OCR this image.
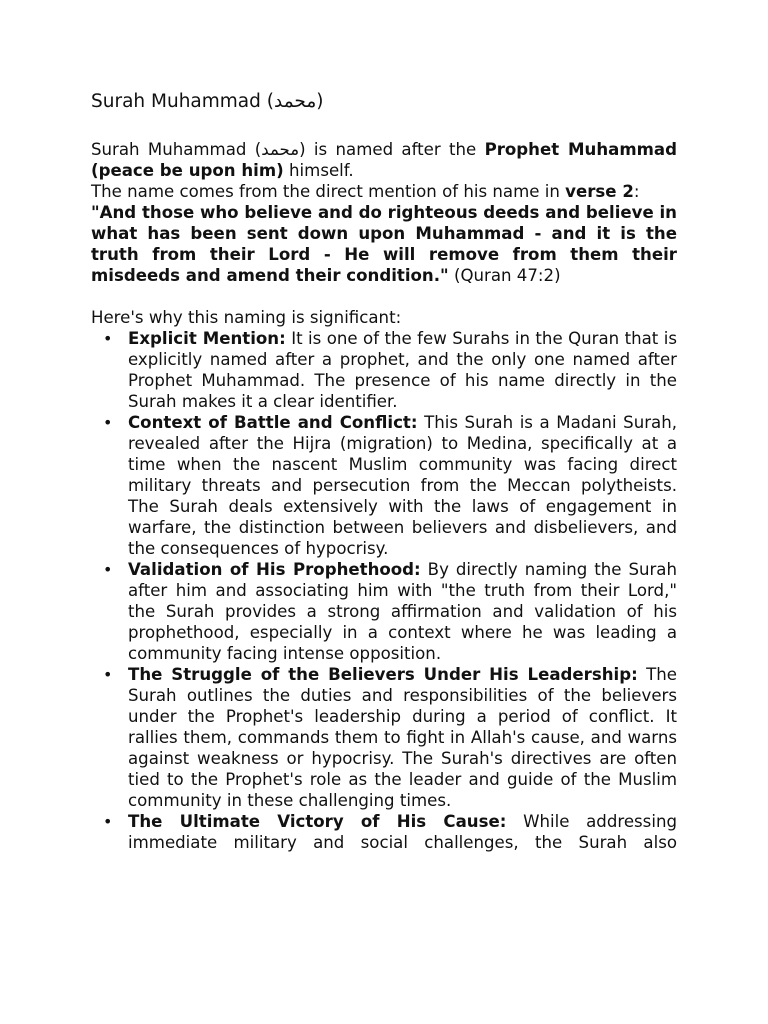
Surah Muhammad (محمد)

Surah Muhammad (محمد) is named after the Prophet Muhammad (peace be upon him) himself.

The name comes from the direct mention of his name in verse 2:

"And those who believe and do righteous deeds and believe in what has been sent down upon Muhammad - and it is the truth from their Lord - He will remove from them their misdeeds and amend their condition." (Quran 47:2)

Here's why this naming is significant:

• Explicit Mention: It is one of the few Surahs in the Quran that is explicitly named after a prophet, and the only one named after Prophet Muhammad. The presence of his name directly in the Surah makes it a clear identifier.
• Context of Battle and Conflict: This Surah is a Madani Surah, revealed after the Hijra (migration) to Medina, specifically at a time when the nascent Muslim community was facing direct military threats and persecution from the Meccan polytheists. The Surah deals extensively with the laws of engagement in warfare, the distinction between believers and disbelievers, and the consequences of hypocrisy.
• Validation of His Prophethood: By directly naming the Surah after him and associating him with "the truth from their Lord," the Surah provides a strong affirmation and validation of his prophethood, especially in a context where he was leading a community facing intense opposition.
• The Struggle of the Believers Under His Leadership: The Surah outlines the duties and responsibilities of the believers under the Prophet's leadership during a period of conflict. It rallies them, commands them to fight in Allah's cause, and warns against weakness or hypocrisy. The Surah's directives are often tied to the Prophet's role as the leader and guide of the Muslim community in these challenging times.
• The Ultimate Victory of His Cause: While addressing immediate military and social challenges, the Surah also
